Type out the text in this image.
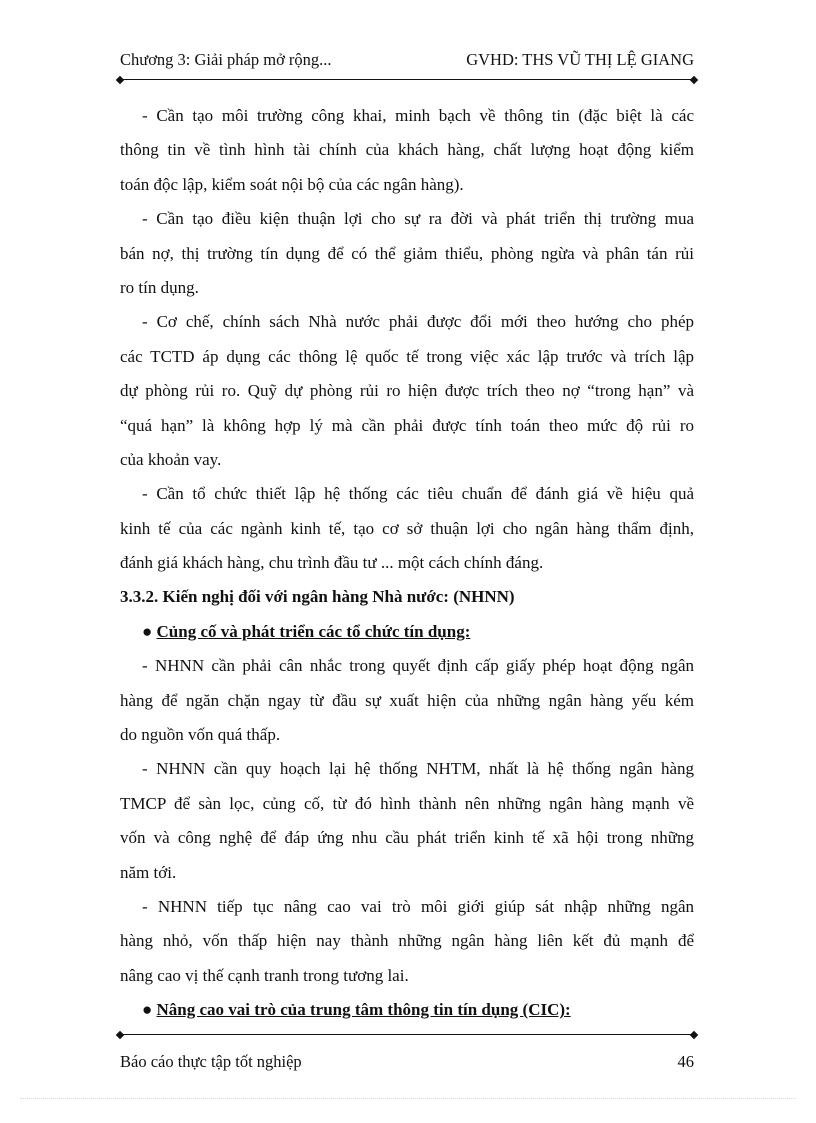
Chương 3: Giải pháp mở rộng...	GVHD: THS VŨ THỊ LỆ GIANG
- Cần tạo môi trường công khai, minh bạch về thông tin (đặc biệt là các
thông tin về tình hình tài chính của khách hàng, chất lượng hoạt động kiểm
toán độc lập, kiểm soát nội bộ của các ngân hàng).
- Cần tạo điều kiện thuận lợi cho sự ra đời và phát triển thị trường mua
bán nợ, thị trường tín dụng để có thể giảm thiểu, phòng ngừa và phân tán rủi
ro tín dụng.
- Cơ chế, chính sách Nhà nước phải được đổi mới theo hướng cho phép
các TCTD áp dụng các thông lệ quốc tế trong việc xác lập trước và trích lập
dự phòng rủi ro. Quỹ dự phòng rủi ro hiện được trích theo nợ “trong hạn” và
“quá hạn” là không hợp lý mà cần phải được tính toán theo mức độ rủi ro
của khoản vay.
- Cần tổ chức thiết lập hệ thống các tiêu chuẩn để đánh giá về hiệu quả
kinh tế của các ngành kinh tế, tạo cơ sở thuận lợi cho ngân hàng thẩm định,
đánh giá khách hàng, chu trình đầu tư ... một cách chính đáng.
3.3.2. Kiến nghị đối với ngân hàng Nhà nước: (NHNN)
● Củng cố và phát triển các tổ chức tín dụng:
- NHNN cần phải cân nhắc trong quyết định cấp giấy phép hoạt động ngân
hàng để ngăn chặn ngay từ đầu sự xuất hiện của những ngân hàng yếu kém
do nguồn vốn quá thấp.
- NHNN cần quy hoạch lại hệ thống NHTM, nhất là hệ thống ngân hàng
TMCP để sàn lọc, củng cố, từ đó hình thành nên những ngân hàng mạnh về
vốn và công nghệ để đáp ứng nhu cầu phát triển kinh tế xã hội trong những
năm tới.
- NHNN tiếp tục nâng cao vai trò môi giới giúp sát nhập những ngân
hàng nhỏ, vốn thấp hiện nay thành những ngân hàng liên kết đủ mạnh để
nâng cao vị thế cạnh tranh trong tương lai.
● Nâng cao vai trò của trung tâm thông tin tín dụng (CIC):
Báo cáo thực tập tốt nghiệp	46
